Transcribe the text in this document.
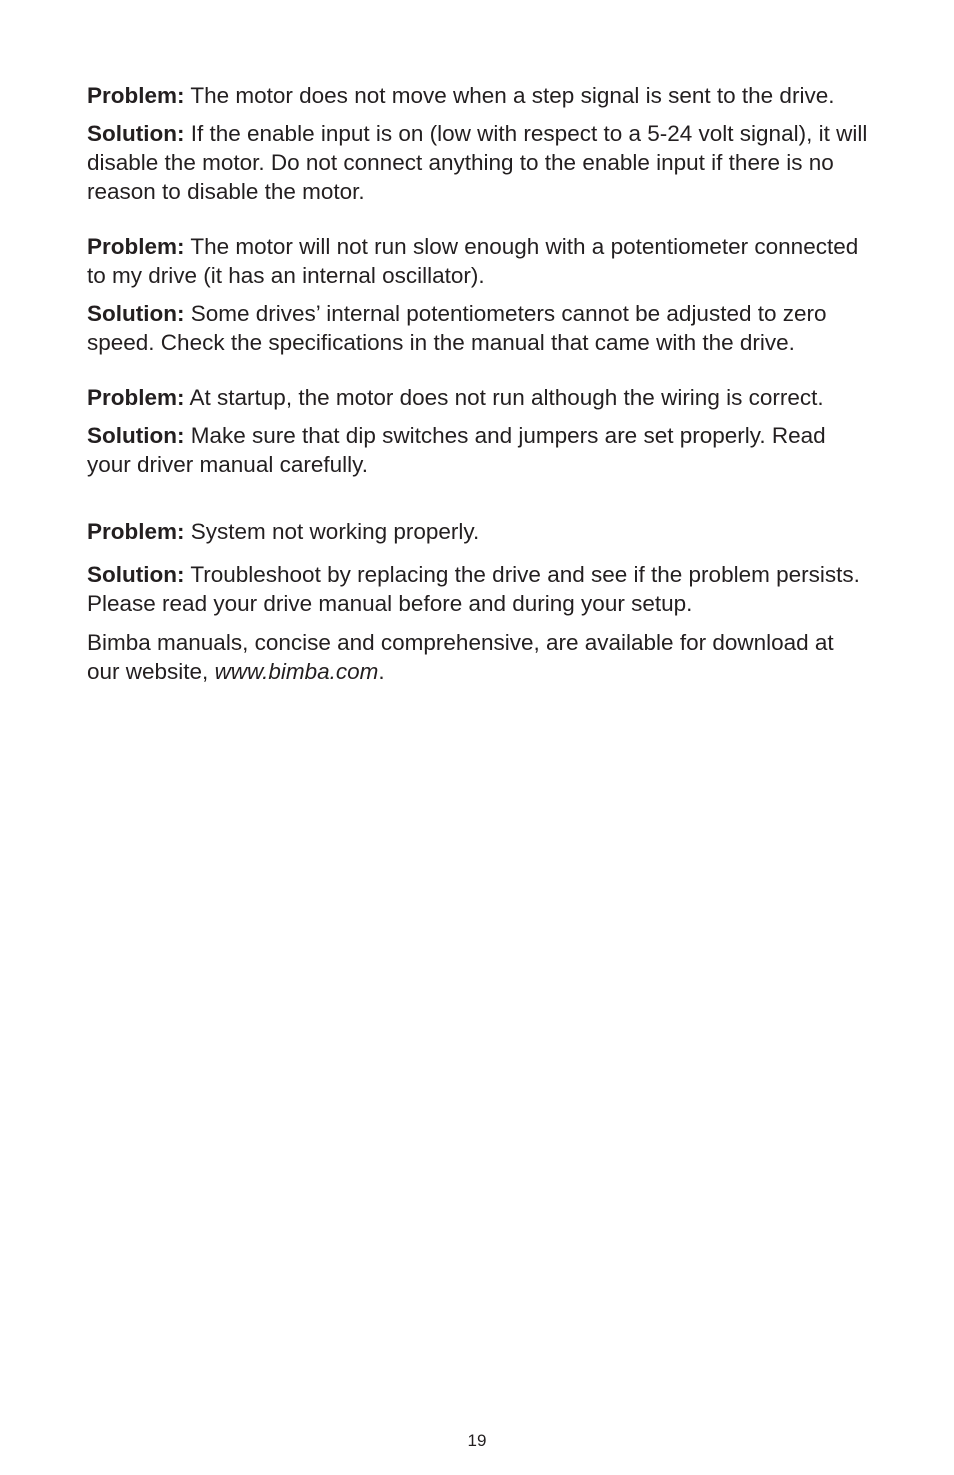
Problem: The motor does not move when a step signal is sent to the drive.

Solution: If the enable input is on (low with respect to a 5-24 volt signal), it will disable the motor. Do not connect anything to the enable input if there is no reason to disable the motor.

Problem: The motor will not run slow enough with a potentiometer connected to my drive (it has an internal oscillator).

Solution: Some drives’ internal potentiometers cannot be adjusted to zero speed. Check the specifications in the manual that came with the drive.

Problem: At startup, the motor does not run although the wiring is correct.

Solution: Make sure that dip switches and jumpers are set properly. Read your driver manual carefully.

Problem: System not working properly.

Solution: Troubleshoot by replacing the drive and see if the problem persists. Please read your drive manual before and during your setup.

Bimba manuals, concise and comprehensive, are available for download at our website, www.bimba.com.

19
